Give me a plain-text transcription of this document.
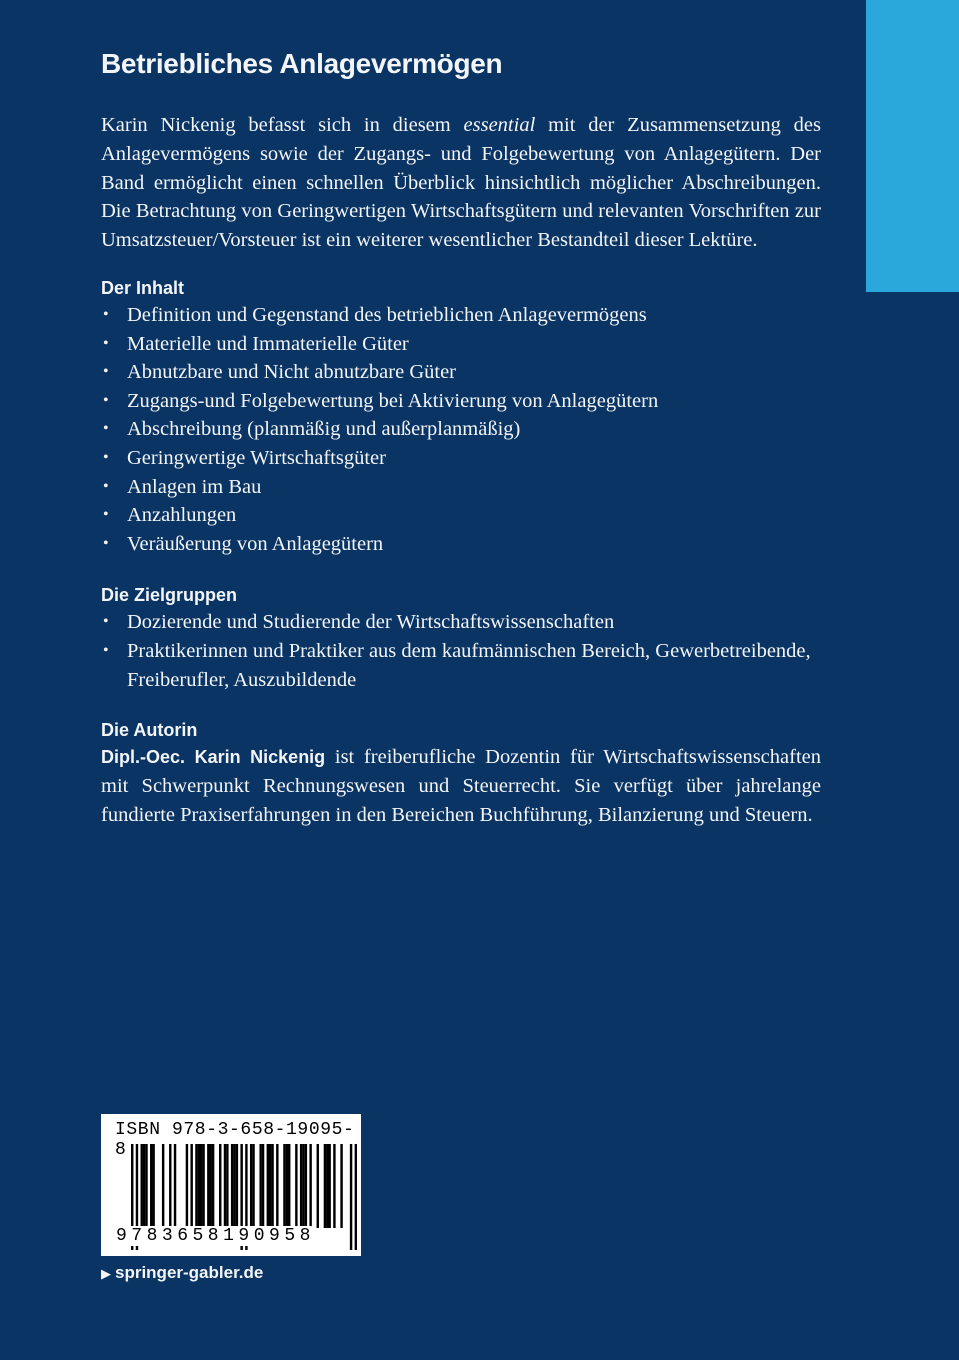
Betriebliches Anlagevermögen

Karin Nickenig befasst sich in diesem essential mit der Zusammensetzung des Anlagevermögens sowie der Zugangs- und Folgebewertung von Anlagegütern. Der Band ermöglicht einen schnellen Überblick hinsichtlich möglicher Abschreibungen. Die Betrachtung von Geringwertigen Wirtschaftsgütern und relevanten Vorschriften zur Umsatzsteuer/Vorsteuer ist ein weiterer wesentlicher Bestandteil dieser Lektüre.

Der Inhalt
• Definition und Gegenstand des betrieblichen Anlagevermögens
• Materielle und Immaterielle Güter
• Abnutzbare und Nicht abnutzbare Güter
• Zugangs-und Folgebewertung bei Aktivierung von Anlagegütern
• Abschreibung (planmäßig und außerplanmäßig)
• Geringwertige Wirtschaftsgüter
• Anlagen im Bau
• Anzahlungen
• Veräußerung von Anlagegütern
Die Zielgruppen
• Dozierende und Studierende der Wirtschaftswissenschaften
• Praktikerinnen und Praktiker aus dem kaufmännischen Bereich, Gewerbetreibende, Freiberufler, Auszubildende
Die Autorin

Dipl.-Oec. Karin Nickenig ist freiberufliche Dozentin für Wirtschaftswissenschaften mit Schwerpunkt Rechnungswesen und Steuerrecht. Sie verfügt über jahrelange fundierte Praxiserfahrungen in den Bereichen Buchführung, Bilanzierung und Steuern.

ISBN 978-3-658-19095-8
9783658190958
▶ springer-gabler.de
